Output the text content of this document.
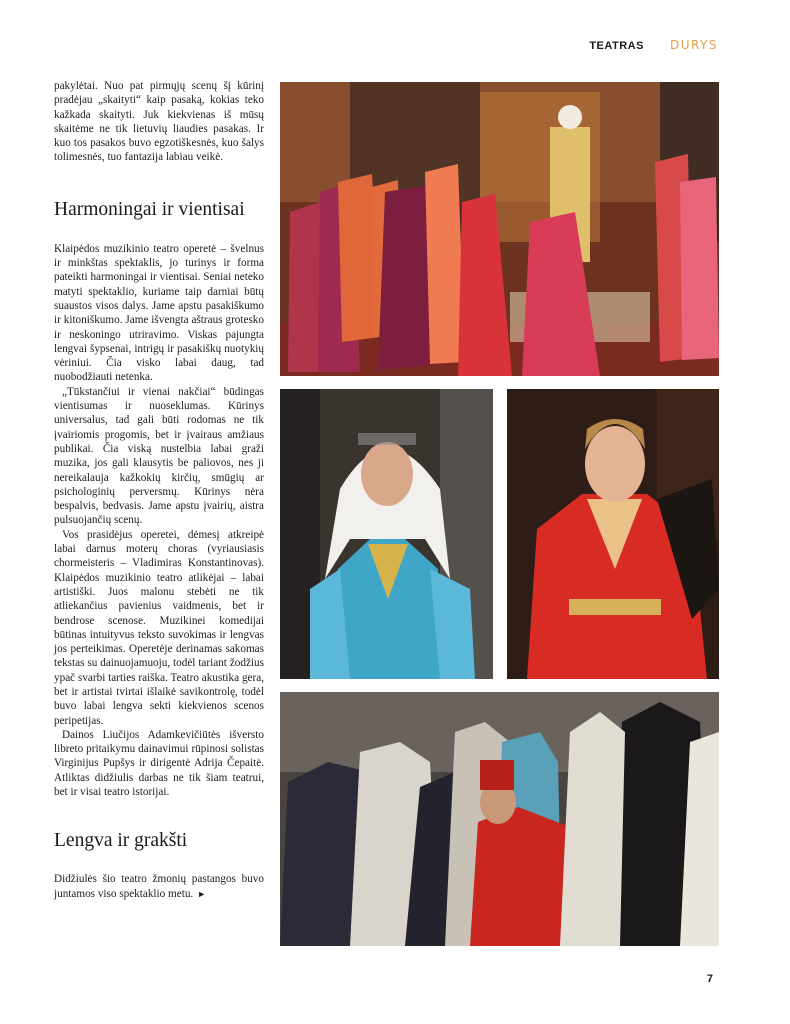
TEATRAS DURYS

pakylėtai. Nuo pat pirmųjų scenų šį kūrinį pradėjau „skaityti“ kaip pasaką, kokias teko kažkada skaityti. Juk kiekvienas iš mūsų skaitėme ne tik lietuvių liaudies pasakas. Ir kuo tos pasakos buvo egzotiškesnės, kuo šalys tolimesnės, tuo fantazija labiau veikė.

Harmoningai ir vientisai

Klaipėdos muzikinio teatro operetė – švelnus ir minkštas spektaklis, jo turinys ir forma pateikti harmoningai ir vientisai. Seniai neteko matyti spektaklio, kuriame taip darniai būtų suaustos visos dalys. Jame apstu pasakiškumo ir kitoniškumo. Jame išvengta aštraus grotesko ir neskoningo utriravimo. Viskas pajungta lengvai šypsenai, intrigų ir pasakiškų nuotykių vėriniui. Čia visko labai daug, tad nuobodžiauti netenka.

„Tūkstančiui ir vienai nakčiai“ būdingas vientisumas ir nuoseklumas. Kūrinys universalus, tad gali būti rodomas ne tik įvairiomis progomis, bet ir įvairaus amžiaus publikai. Čia viską nustelbia labai graži muzika, jos gali klausytis be paliovos, nes ji nereikalauja kažkokių kirčių, smūgių ar psichologinių perversmų. Kūrinys nėra bespalvis, bedvasis. Jame apstu įvairių, aistra pulsuojančių scenų.

Vos prasidėjus operetei, dėmesį atkreipė labai darnus moterų choras (vyriausiasis chormeisteris – Vladimiras Konstantinovas). Klaipėdos muzikinio teatro atlikėjai – labai artistiški. Juos malonu stebėti ne tik atliekančius pavienius vaidmenis, bet ir bendrose scenose. Muzikinei komedijai būtinas intuityvus teksto suvokimas ir lengvas jos perteikimas. Operetėje derinamas sakomas tekstas su dainuojamuoju, todėl tariant žodžius ypač svarbi tarties raiška. Teatro akustika gera, bet ir artistai tvirtai išlaikė savikontrolę, todėl buvo labai lengva sekti kiekvienos scenos peripetijas.

Dainos Liučijos Adamkevičiūtės išversto libreto pritaikymu dainavimui rūpinosi solistas Virginijus Pupšys ir dirigentė Adrija Čepaitė. Atliktas didžiulis darbas ne tik šiam teatrui, bet ir visai teatro istorijai.

Lengva ir grakšti

Didžiulės šio teatro žmonių pastangos buvo juntamos viso spektaklio metu. ►

7
